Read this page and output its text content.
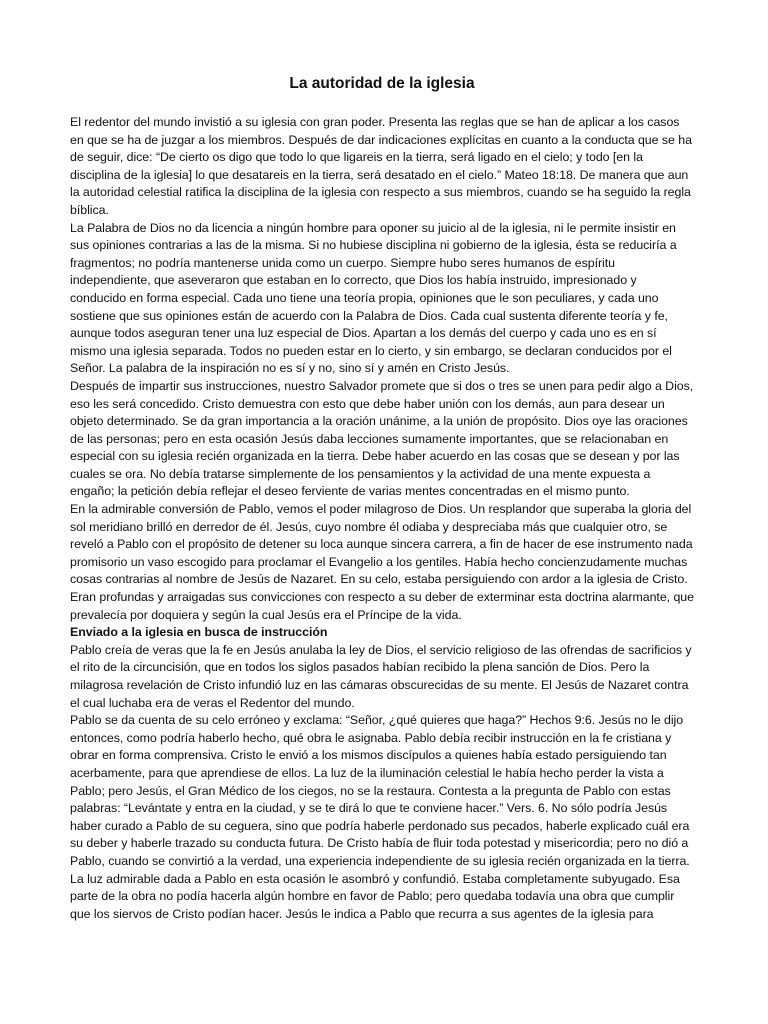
La autoridad de la iglesia

El redentor del mundo invistió a su iglesia con gran poder. Presenta las reglas que se han de aplicar a los casos en que se ha de juzgar a los miembros. Después de dar indicaciones explícitas en cuanto a la conducta que se ha de seguir, dice: “De cierto os digo que todo lo que ligareis en la tierra, será ligado en el cielo; y todo [en la disciplina de la iglesia] lo que desatareis en la tierra, será desatado en el cielo.” Mateo 18:18. De manera que aun la autoridad celestial ratifica la disciplina de la iglesia con respecto a sus miembros, cuando se ha seguido la regla bíblica.

La Palabra de Dios no da licencia a ningún hombre para oponer su juicio al de la iglesia, ni le permite insistir en sus opiniones contrarias a las de la misma. Si no hubiese disciplina ni gobierno de la iglesia, ésta se reduciría a fragmentos; no podría mantenerse unida como un cuerpo. Siempre hubo seres humanos de espíritu independiente, que aseveraron que estaban en lo correcto, que Dios los había instruido, impresionado y conducido en forma especial. Cada uno tiene una teoría propia, opiniones que le son peculiares, y cada uno sostiene que sus opiniones están de acuerdo con la Palabra de Dios. Cada cual sustenta diferente teoría y fe, aunque todos aseguran tener una luz especial de Dios. Apartan a los demás del cuerpo y cada uno es en sí mismo una iglesia separada. Todos no pueden estar en lo cierto, y sin embargo, se declaran conducidos por el Señor. La palabra de la inspiración no es sí y no, sino sí y amén en Cristo Jesús.

Después de impartir sus instrucciones, nuestro Salvador promete que si dos o tres se unen para pedir algo a Dios, eso les será concedido. Cristo demuestra con esto que debe haber unión con los demás, aun para desear un objeto determinado. Se da gran importancia a la oración unánime, a la unión de propósito. Dios oye las oraciones de las personas; pero en esta ocasión Jesús daba lecciones sumamente importantes, que se relacionaban en especial con su iglesia recién organizada en la tierra. Debe haber acuerdo en las cosas que se desean y por las cuales se ora. No debía tratarse simplemente de los pensamientos y la actividad de una mente expuesta a engaño; la petición debía reflejar el deseo ferviente de varias mentes concentradas en el mismo punto.

En la admirable conversión de Pablo, vemos el poder milagroso de Dios. Un resplandor que superaba la gloria del sol meridiano brilló en derredor de él. Jesús, cuyo nombre él odiaba y despreciaba más que cualquier otro, se reveló a Pablo con el propósito de detener su loca aunque sincera carrera, a fin de hacer de ese instrumento nada promisorio un vaso escogido para proclamar el Evangelio a los gentiles. Había hecho concienzudamente muchas cosas contrarias al nombre de Jesús de Nazaret. En su celo, estaba persiguiendo con ardor a la iglesia de Cristo. Eran profundas y arraigadas sus convicciones con respecto a su deber de exterminar esta doctrina alarmante, que prevalecía por doquiera y según la cual Jesús era el Príncipe de la vida.

Enviado a la iglesia en busca de instrucción

Pablo creía de veras que la fe en Jesús anulaba la ley de Dios, el servicio religioso de las ofrendas de sacrificios y el rito de la circuncisión, que en todos los siglos pasados habían recibido la plena sanción de Dios. Pero la milagrosa revelación de Cristo infundió luz en las cámaras obscurecidas de su mente. El Jesús de Nazaret contra el cual luchaba era de veras el Redentor del mundo.

Pablo se da cuenta de su celo erróneo y exclama: “Señor, ¿qué quieres que haga?” Hechos 9:6. Jesús no le dijo entonces, como podría haberlo hecho, qué obra le asignaba. Pablo debía recibir instrucción en la fe cristiana y obrar en forma comprensiva. Cristo le envió a los mismos discípulos a quienes había estado persiguiendo tan acerbamente, para que aprendiese de ellos. La luz de la iluminación celestial le había hecho perder la vista a Pablo; pero Jesús, el Gran Médico de los ciegos, no se la restaura. Contesta a la pregunta de Pablo con estas palabras: “Levántate y entra en la ciudad, y se te dirá lo que te conviene hacer.” Vers. 6. No sólo podría Jesús haber curado a Pablo de su ceguera, sino que podría haberle perdonado sus pecados, haberle explicado cuál era su deber y haberle trazado su conducta futura. De Cristo había de fluir toda potestad y misericordia; pero no dió a Pablo, cuando se convirtió a la verdad, una experiencia independiente de su iglesia recién organizada en la tierra.

La luz admirable dada a Pablo en esta ocasión le asombró y confundió. Estaba completamente subyugado. Esa parte de la obra no podía hacerla algún hombre en favor de Pablo; pero quedaba todavía una obra que cumplir que los siervos de Cristo podían hacer. Jesús le indica a Pablo que recurra a sus agentes de la iglesia para
